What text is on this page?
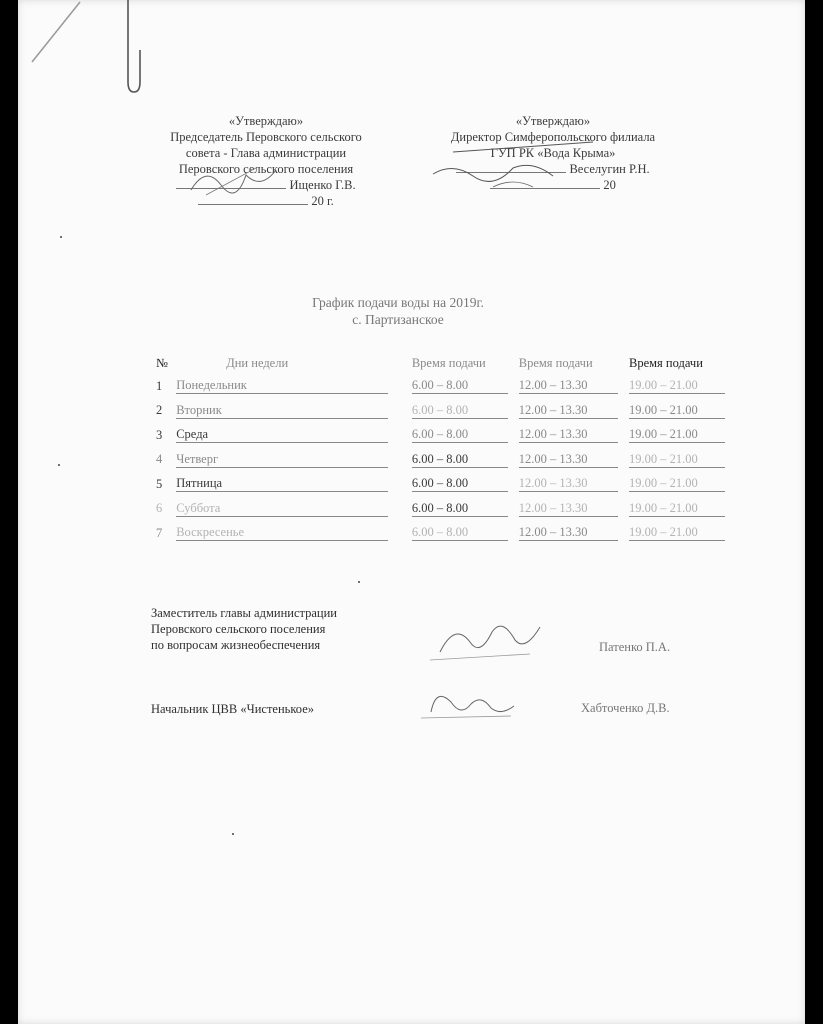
«Утверждаю»
Председатель Перовского сельского
совета - Глава администрации
Перовского сельского поселения
Ищенко Г.В.
20 г.
«Утверждаю»
Директор Симферопольского филиала
ГУП РК «Вода Крыма»
Веселугин Р.Н.
20
График подачи воды на 2019г.
с. Партизанское
№	Дни недели	Время подачи	Время подачи	Время подачи
1	Понедельник	6.00 – 8.00	12.00 – 13.30	19.00 – 21.00
2	Вторник	6.00 – 8.00	12.00 – 13.30	19.00 – 21.00
3	Среда	6.00 – 8.00	12.00 – 13.30	19.00 – 21.00
4	Четверг	6.00 – 8.00	12.00 – 13.30	19.00 – 21.00
5	Пятница	6.00 – 8.00	12.00 – 13.30	19.00 – 21.00
6	Суббота	6.00 – 8.00	12.00 – 13.30	19.00 – 21.00
7	Воскресенье	6.00 – 8.00	12.00 – 13.30	19.00 – 21.00
Заместитель главы администрации
Перовского сельского поселения
по вопросам жизнеобеспечения	Патенко П.А.
Начальник ЦВВ «Чистенькое»	Хабточенко Д.В.
